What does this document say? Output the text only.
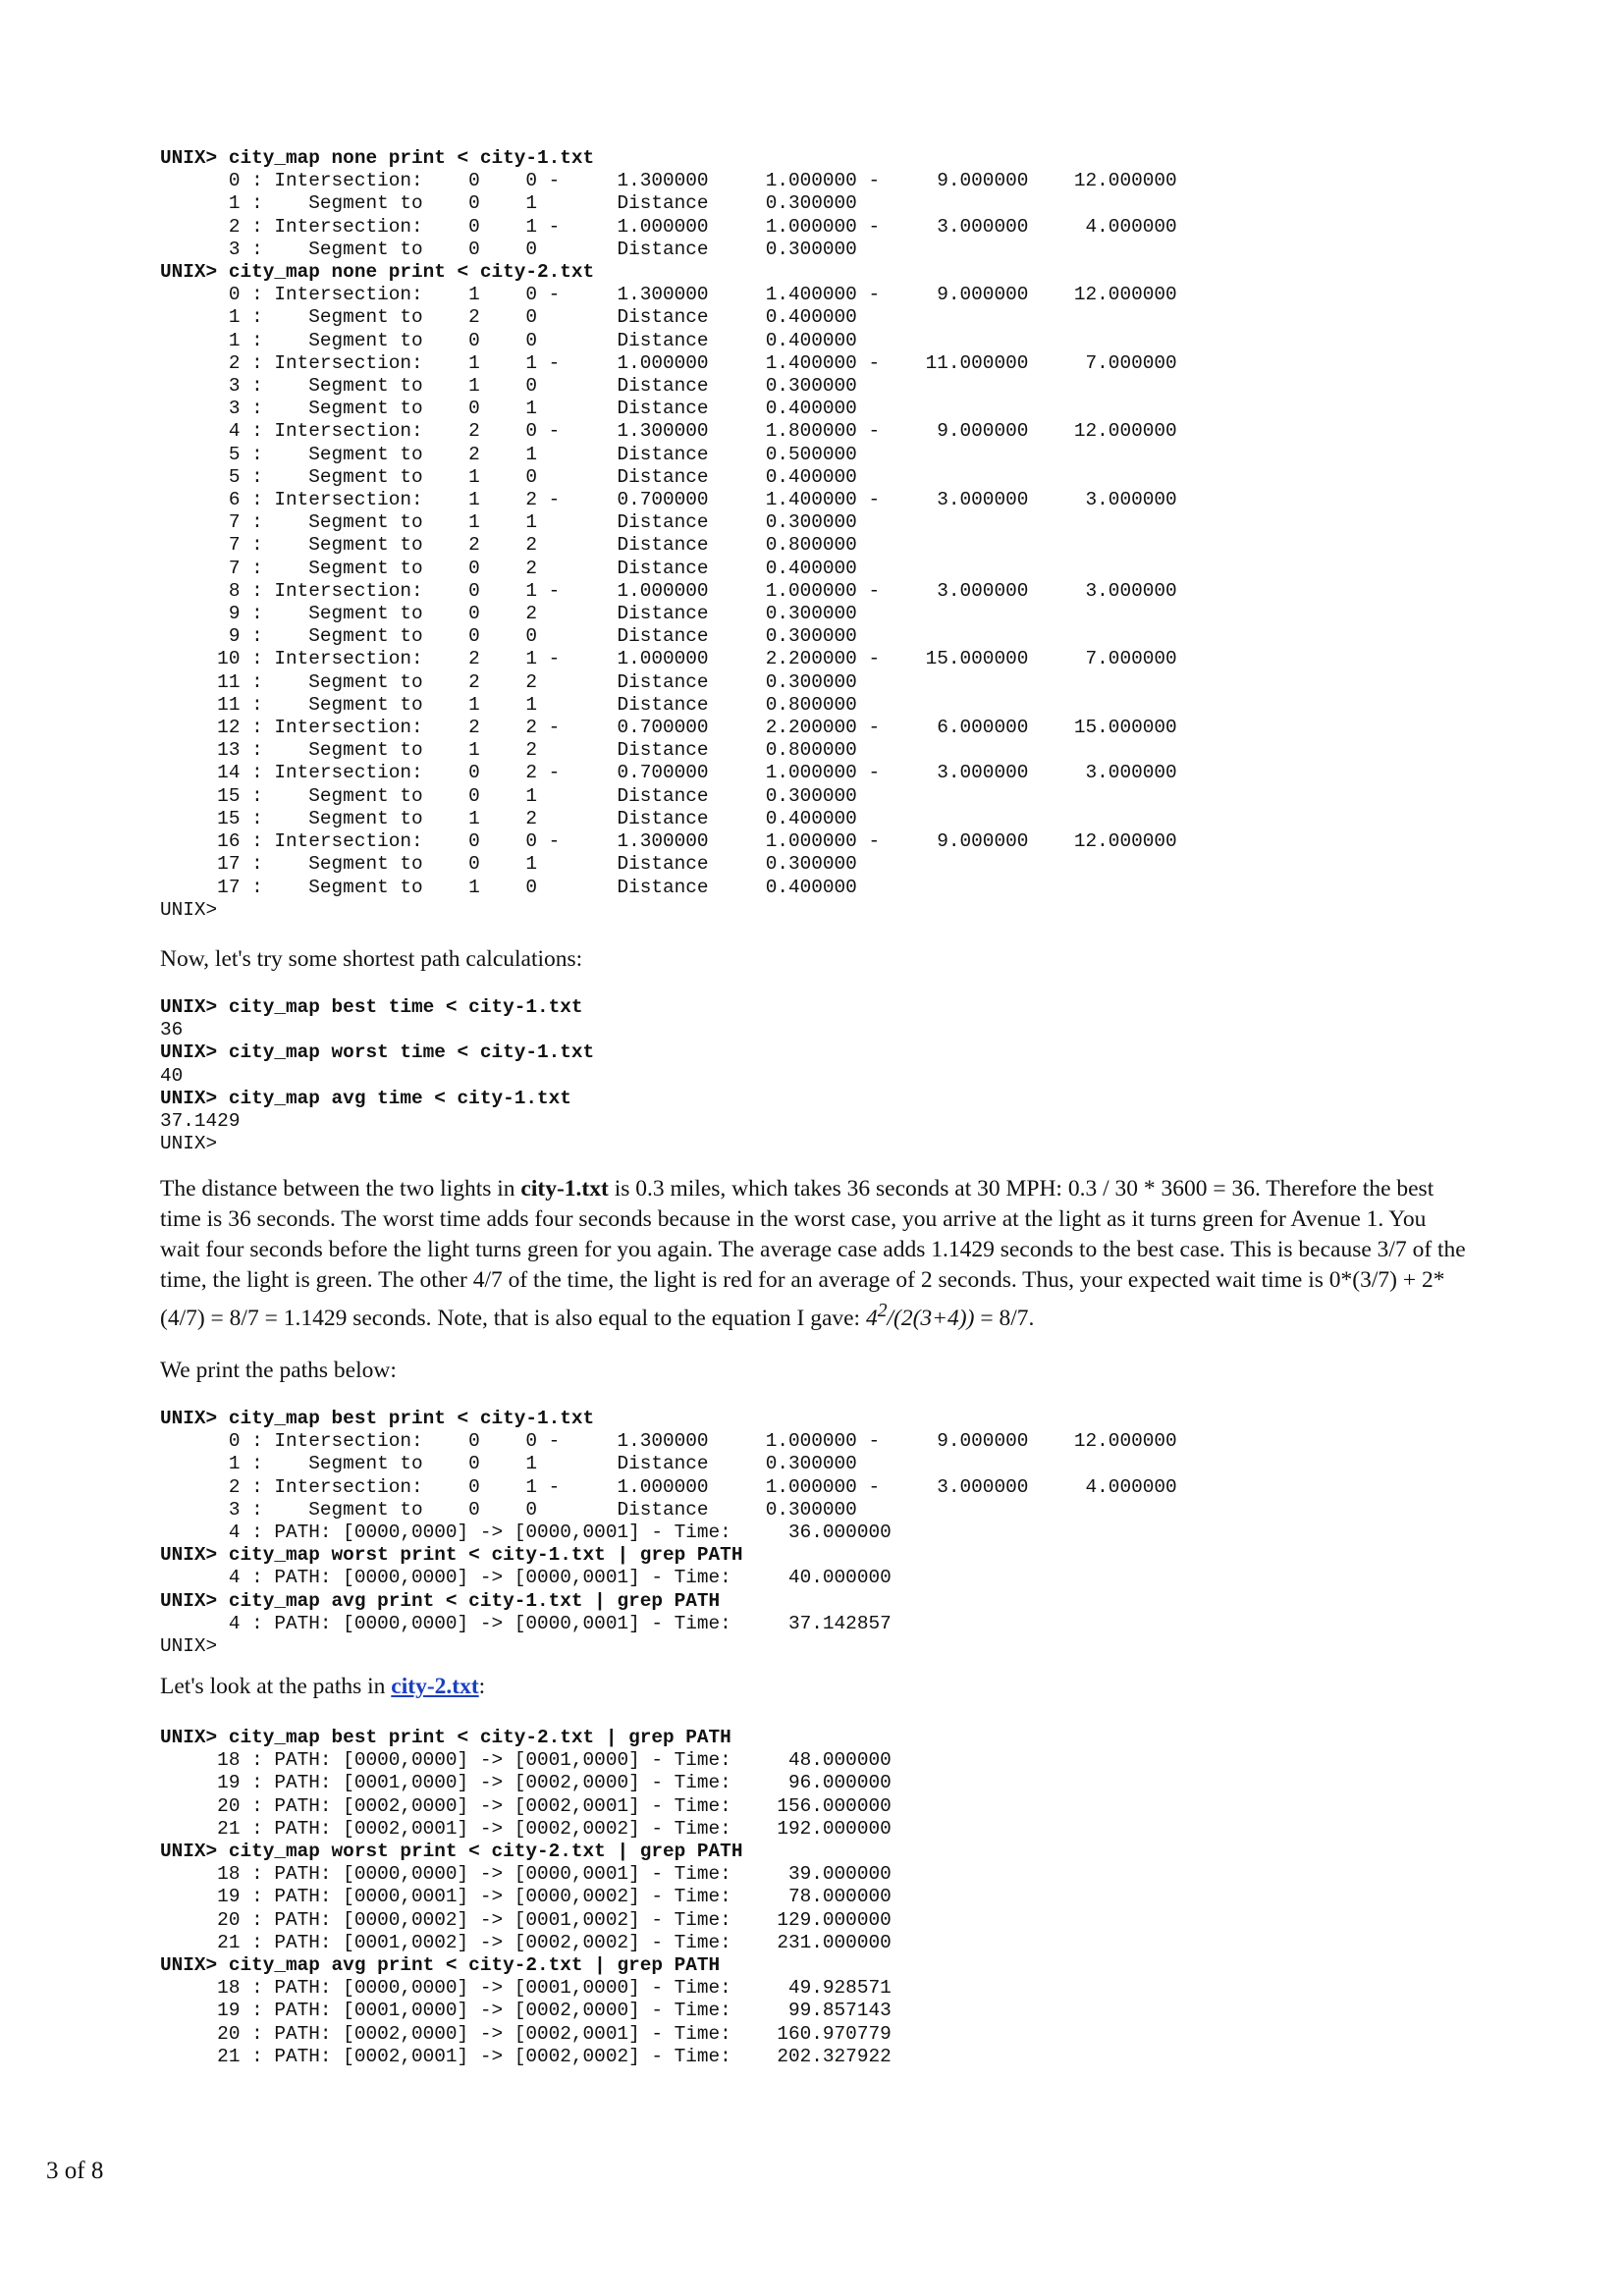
UNIX> city_map none print < city-1.txt
0 : Intersection:    0    0 -     1.300000     1.000000 -     9.000000    12.000000
1 :    Segment to    0    1       Distance     0.300000
2 : Intersection:    0    1 -     1.000000     1.000000 -     3.000000     4.000000
3 :    Segment to    0    0       Distance     0.300000
UNIX> city_map none print < city-2.txt
0 : Intersection:    1    0 -     1.300000     1.400000 -     9.000000    12.000000
1 :    Segment to    2    0       Distance     0.400000
1 :    Segment to    0    0       Distance     0.400000
2 : Intersection:    1    1 -     1.000000     1.400000 -    11.000000     7.000000
3 :    Segment to    1    0       Distance     0.300000
3 :    Segment to    0    1       Distance     0.400000
4 : Intersection:    2    0 -     1.300000     1.800000 -     9.000000    12.000000
5 :    Segment to    2    1       Distance     0.500000
5 :    Segment to    1    0       Distance     0.400000
6 : Intersection:    1    2 -     0.700000     1.400000 -     3.000000     3.000000
7 :    Segment to    1    1       Distance     0.300000
7 :    Segment to    2    2       Distance     0.800000
7 :    Segment to    0    2       Distance     0.400000
8 : Intersection:    0    1 -     1.000000     1.000000 -     3.000000     3.000000
9 :    Segment to    0    2       Distance     0.300000
9 :    Segment to    0    0       Distance     0.300000
10 : Intersection:    2    1 -     1.000000     2.200000 -    15.000000     7.000000
11 :    Segment to    2    2       Distance     0.300000
11 :    Segment to    1    1       Distance     0.800000
12 : Intersection:    2    2 -     0.700000     2.200000 -     6.000000    15.000000
13 :    Segment to    1    2       Distance     0.800000
14 : Intersection:    0    2 -     0.700000     1.000000 -     3.000000     3.000000
15 :    Segment to    0    1       Distance     0.300000
15 :    Segment to    1    2       Distance     0.400000
16 : Intersection:    0    0 -     1.300000     1.000000 -     9.000000    12.000000
17 :    Segment to    0    1       Distance     0.300000
17 :    Segment to    1    0       Distance     0.400000
UNIX>

Now, let's try some shortest path calculations:

UNIX> city_map best time < city-1.txt
36
UNIX> city_map worst time < city-1.txt
40
UNIX> city_map avg time < city-1.txt
37.1429
UNIX>

The distance between the two lights in city-1.txt is 0.3 miles, which takes 36 seconds at 30 MPH: 0.3 / 30 * 3600 = 36. Therefore the best time is 36 seconds. The worst time adds four seconds because in the worst case, you arrive at the light as it turns green for Avenue 1. You wait four seconds before the light turns green for you again. The average case adds 1.1429 seconds to the best case. This is because 3/7 of the time, the light is green. The other 4/7 of the time, the light is red for an average of 2 seconds. Thus, your expected wait time is 0*(3/7) + 2*(4/7) = 8/7 = 1.1429 seconds. Note, that is also equal to the equation I gave: $4^2/(2(3+4)) = 8/7$.

We print the paths below:

UNIX> city_map best print < city-1.txt
0 : Intersection:    0    0 -     1.300000     1.000000 -     9.000000    12.000000
1 :    Segment to    0    1       Distance     0.300000
2 : Intersection:    0    1 -     1.000000     1.000000 -     3.000000     4.000000
3 :    Segment to    0    0       Distance     0.300000
4 : PATH: [0000,0000] -> [0000,0001] - Time:     36.000000
UNIX> city_map worst print < city-1.txt | grep PATH
4 : PATH: [0000,0000] -> [0000,0001] - Time:     40.000000
UNIX> city_map avg print < city-1.txt | grep PATH
4 : PATH: [0000,0000] -> [0000,0001] - Time:     37.142857
UNIX>

Let's look at the paths in city-2.txt:

UNIX> city_map best print < city-2.txt | grep PATH
18 : PATH: [0000,0000] -> [0001,0000] - Time:     48.000000
19 : PATH: [0001,0000] -> [0002,0000] - Time:     96.000000
20 : PATH: [0002,0000] -> [0002,0001] - Time:    156.000000
21 : PATH: [0002,0001] -> [0002,0002] - Time:    192.000000
UNIX> city_map worst print < city-2.txt | grep PATH
18 : PATH: [0000,0000] -> [0000,0001] - Time:     39.000000
19 : PATH: [0000,0001] -> [0000,0002] - Time:     78.000000
20 : PATH: [0000,0002] -> [0001,0002] - Time:    129.000000
21 : PATH: [0001,0002] -> [0002,0002] - Time:    231.000000
UNIX> city_map avg print < city-2.txt | grep PATH
18 : PATH: [0000,0000] -> [0001,0000] - Time:     49.928571
19 : PATH: [0001,0000] -> [0002,0000] - Time:     99.857143
20 : PATH: [0002,0000] -> [0002,0001] - Time:    160.970779
21 : PATH: [0002,0001] -> [0002,0002] - Time:    202.327922

3 of 8
